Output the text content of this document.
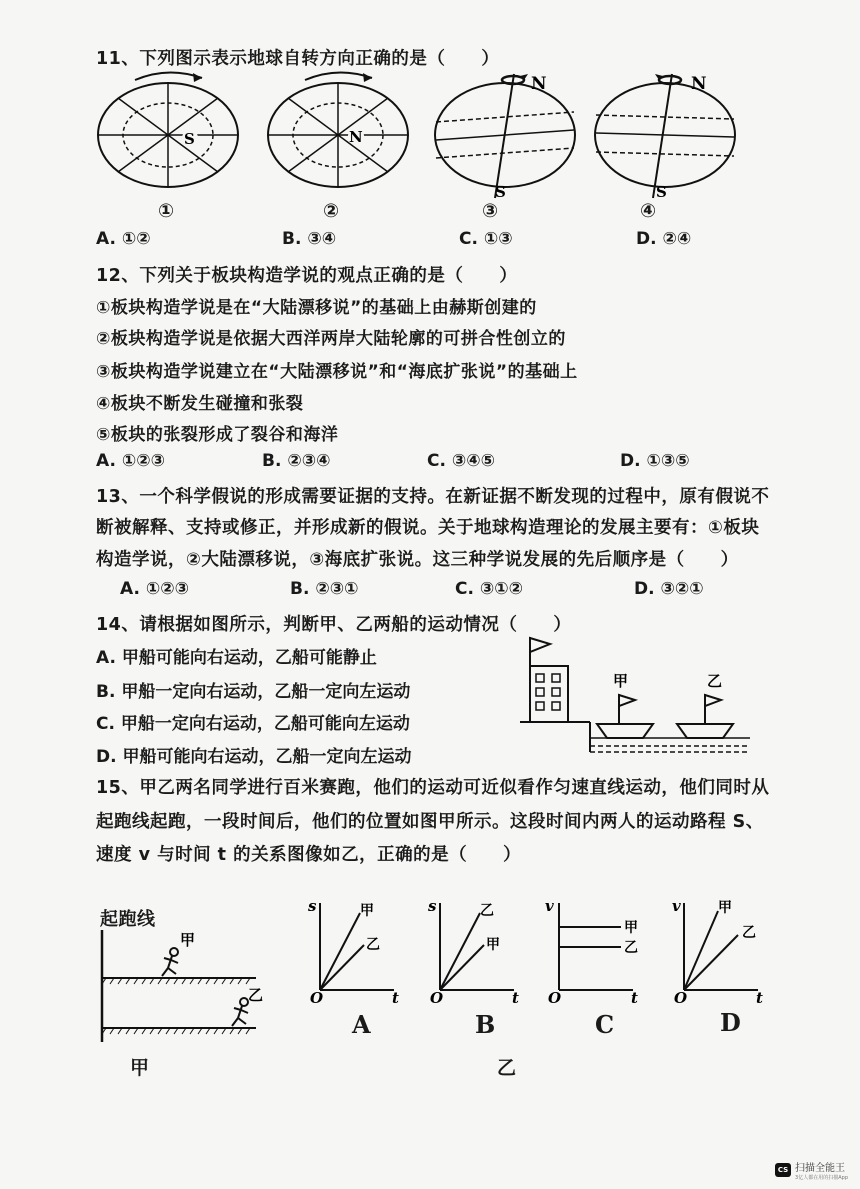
11、下列图示表示地球自转方向正确的是（　　）
S	N
N
S
N
S
①	②	③	④
A. ①②	B. ③④	C. ①③	D. ②④
12、下列关于板块构造学说的观点正确的是（　　）
①板块构造学说是在“大陆漂移说”的基础上由赫斯创建的
②板块构造学说是依据大西洋两岸大陆轮廓的可拼合性创立的
③板块构造学说建立在“大陆漂移说”和“海底扩张说”的基础上
④板块不断发生碰撞和张裂
⑤板块的张裂形成了裂谷和海洋
A. ①②③	B. ②③④	C. ③④⑤	D. ①③⑤
13、一个科学假说的形成需要证据的支持。在新证据不断发现的过程中，原有假说不
断被解释、支持或修正，并形成新的假说。关于地球构造理论的发展主要有：①板块
构造学说，②大陆漂移说，③海底扩张说。这三种学说发展的先后顺序是（　　）
A. ①②③	B. ②③①	C. ③①②	D. ③②①
14、请根据如图所示，判断甲、乙两船的运动情况（　　）
A. 甲船可能向右运动，乙船可能静止
B. 甲船一定向右运动，乙船一定向左运动
C. 甲船一定向右运动，乙船可能向左运动
D. 甲船可能向右运动，乙船一定向左运动
甲	乙
15、甲乙两名同学进行百米赛跑，他们的运动可近似看作匀速直线运动，他们同时从
起跑线起跑，一段时间后，他们的位置如图甲所示。这段时间内两人的运动路程 S、
速度 v 与时间 t 的关系图像如乙，正确的是（　　）
起跑线
甲
乙
甲	乙
s
O	t
甲
乙
s
O	t
乙
甲
v
O	t
甲
乙
v
O	t
甲
乙
A	B	C	D
CS 扫描全能王
3亿人都在用的扫描App
